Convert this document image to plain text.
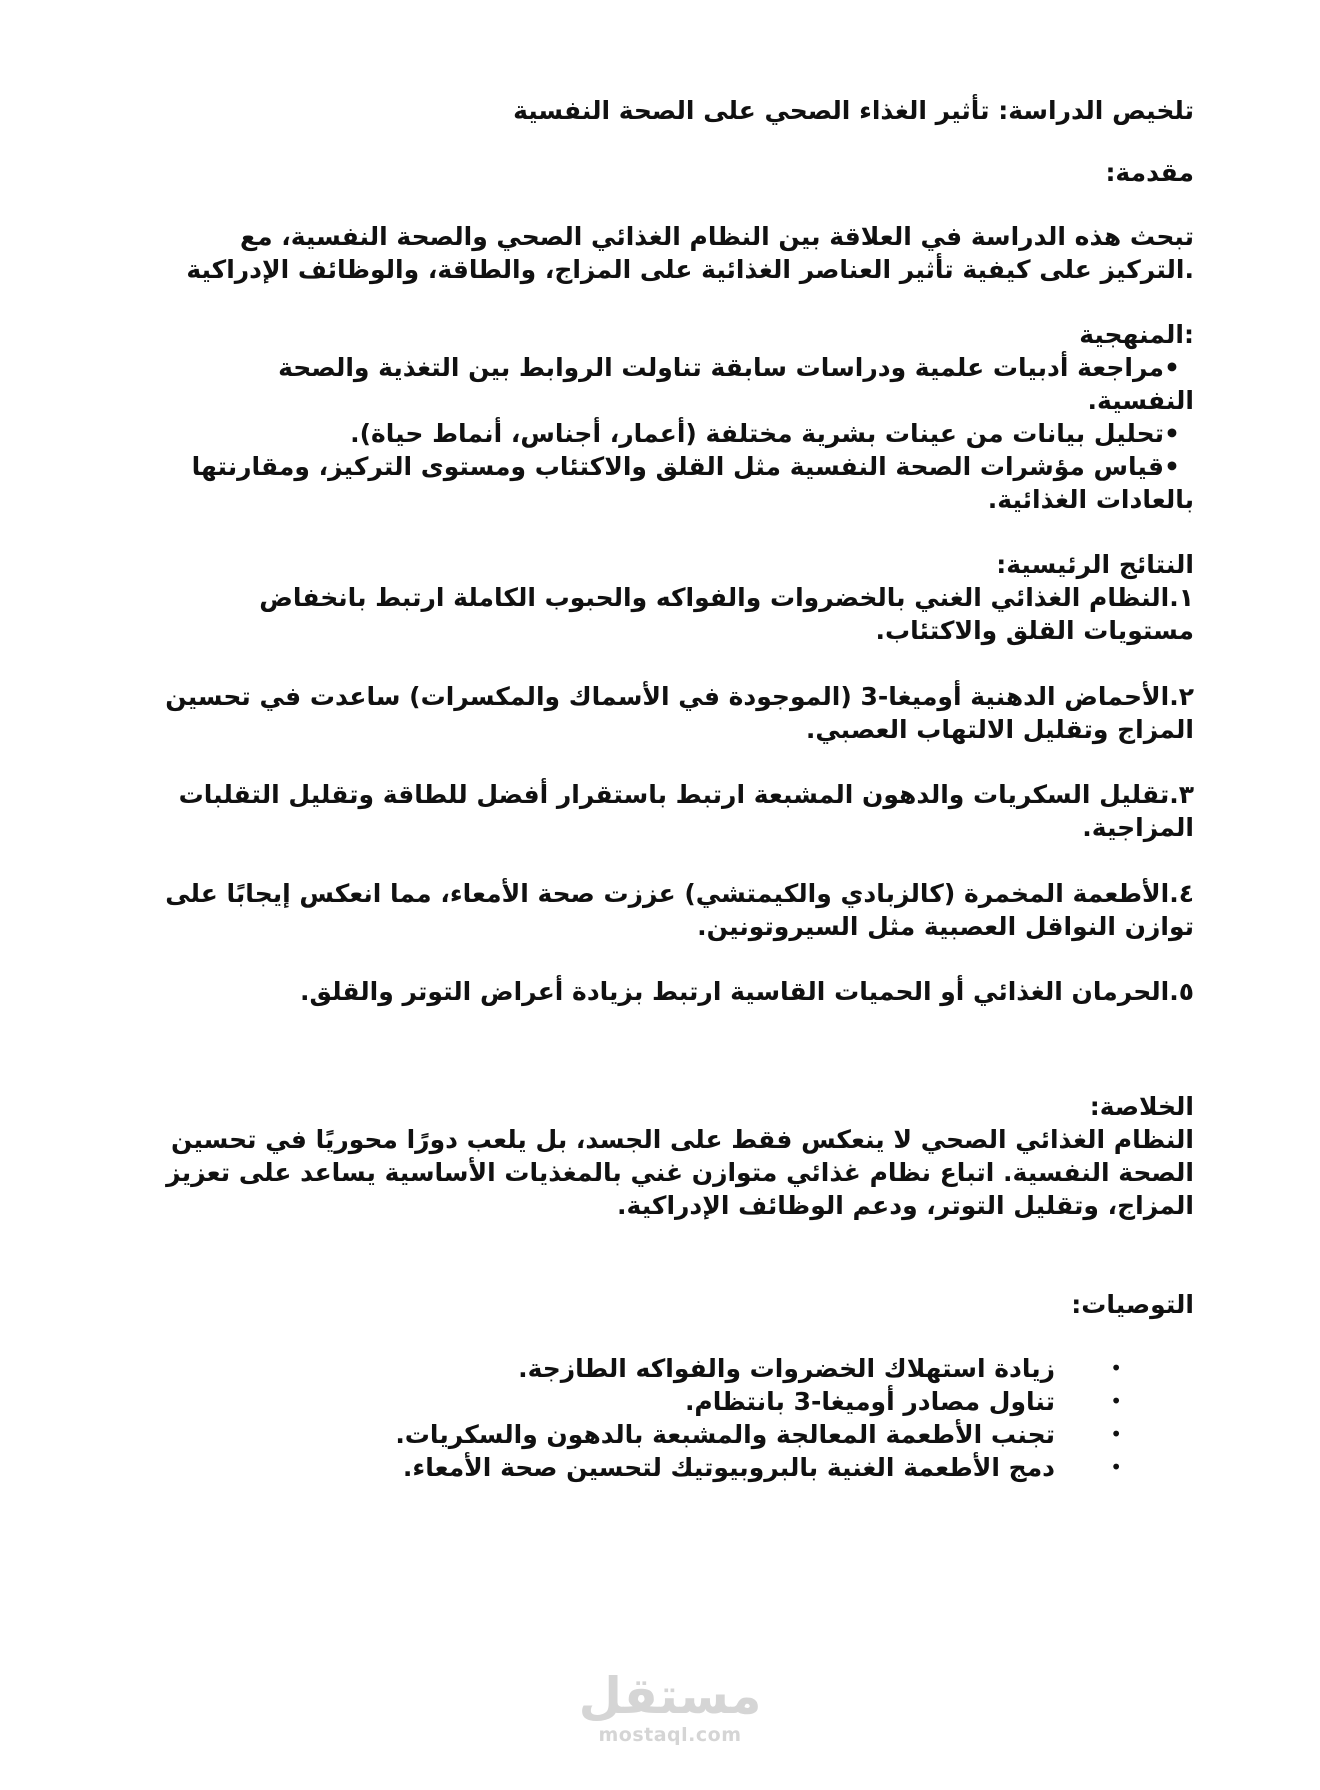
تلخيص الدراسة: تأثير الغذاء الصحي على الصحة النفسية
مقدمة:
تبحث هذه الدراسة في العلاقة بين النظام الغذائي الصحي والصحة النفسية، مع
.التركيز على كيفية تأثير العناصر الغذائية على المزاج، والطاقة، والوظائف الإدراكية
:المنهجية
•مراجعة أدبيات علمية ودراسات سابقة تناولت الروابط بين التغذية والصحة
النفسية.
•تحليل بيانات من عينات بشرية مختلفة (أعمار، أجناس، أنماط حياة).
•قياس مؤشرات الصحة النفسية مثل القلق والاكتئاب ومستوى التركيز، ومقارنتها
بالعادات الغذائية.
النتائج الرئيسية:
١.النظام الغذائي الغني بالخضروات والفواكه والحبوب الكاملة ارتبط بانخفاض
مستويات القلق والاكتئاب.
٢.الأحماض الدهنية أوميغا-3 (الموجودة في الأسماك والمكسرات) ساعدت في تحسين
المزاج وتقليل الالتهاب العصبي.
٣.تقليل السكريات والدهون المشبعة ارتبط باستقرار أفضل للطاقة وتقليل التقلبات
المزاجية.
٤.الأطعمة المخمرة (كالزبادي والكيمتشي) عززت صحة الأمعاء، مما انعكس إيجابًا على
توازن النواقل العصبية مثل السيروتونين.
٥.الحرمان الغذائي أو الحميات القاسية ارتبط بزيادة أعراض التوتر والقلق.
الخلاصة:
النظام الغذائي الصحي لا ينعكس فقط على الجسد، بل يلعب دورًا محوريًا في تحسين
الصحة النفسية. اتباع نظام غذائي متوازن غني بالمغذيات الأساسية يساعد على تعزيز
المزاج، وتقليل التوتر، ودعم الوظائف الإدراكية.
التوصيات:
•
زيادة استهلاك الخضروات والفواكه الطازجة.
•
تناول مصادر أوميغا-3 بانتظام.
•
تجنب الأطعمة المعالجة والمشبعة بالدهون والسكريات.
•
دمج الأطعمة الغنية بالبروبيوتيك لتحسين صحة الأمعاء.
مستقل
mostaql.com
